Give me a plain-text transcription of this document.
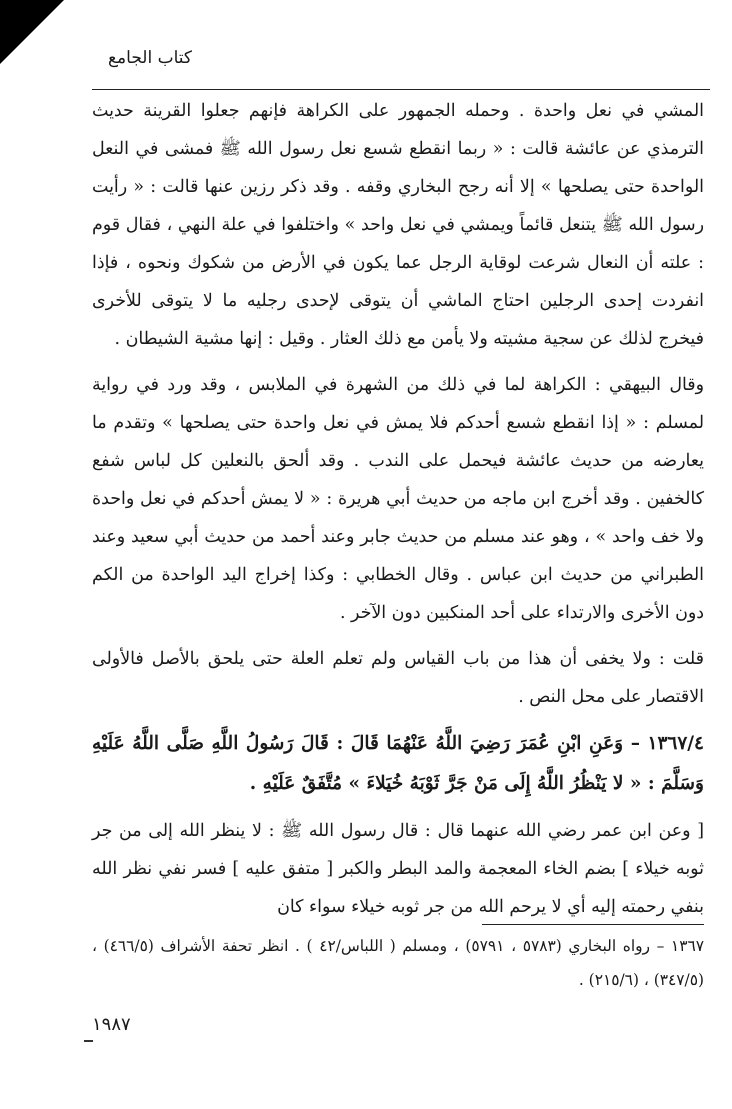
كتاب الجامع

المشي في نعل واحدة . وحمله الجمهور على الكراهة فإنهم جعلوا القرينة حديث الترمذي عن عائشة قالت : « ربما انقطع شسع نعل رسول الله ﷺ فمشى في النعل الواحدة حتى يصلحها » إلا أنه رجح البخاري وقفه . وقد ذكر رزين عنها قالت : « رأيت رسول الله ﷺ يتنعل قائماً ويمشي في نعل واحد » واختلفوا في علة النهي ، فقال قوم : علته أن النعال شرعت لوقاية الرجل عما يكون في الأرض من شكوك ونحوه ، فإذا انفردت إحدى الرجلين احتاج الماشي أن يتوقى لإحدى رجليه ما لا يتوقى للأخرى فيخرج لذلك عن سجية مشيته ولا يأمن مع ذلك العثار . وقيل : إنها مشية الشيطان .

وقال البيهقي : الكراهة لما في ذلك من الشهرة في الملابس ، وقد ورد في رواية لمسلم : « إذا انقطع شسع أحدكم فلا يمش في نعل واحدة حتى يصلحها » وتقدم ما يعارضه من حديث عائشة فيحمل على الندب . وقد ألحق بالنعلين كل لباس شفع كالخفين . وقد أخرج ابن ماجه من حديث أبي هريرة : « لا يمش أحدكم في نعل واحدة ولا خف واحد » ، وهو عند مسلم من حديث جابر وعند أحمد من حديث أبي سعيد وعند الطبراني من حديث ابن عباس . وقال الخطابي : وكذا إخراج اليد الواحدة من الكم دون الأخرى والارتداء على أحد المنكبين دون الآخر .

قلت : ولا يخفى أن هذا من باب القياس ولم تعلم العلة حتى يلحق بالأصل فالأولى الاقتصار على محل النص .

١٣٦٧/٤ – وَعَنِ ابْنِ عُمَرَ رَضِيَ اللَّهُ عَنْهُمَا قَالَ : قَالَ رَسُولُ اللَّهِ صَلَّى اللَّهُ عَلَيْهِ وَسَلَّمَ : « لا يَنْظُرُ اللَّهُ إِلَى مَنْ جَرَّ ثَوْبَهُ خُيَلاءَ » مُتَّفَقٌ عَلَيْهِ .

[ وعن ابن عمر رضي الله عنهما قال : قال رسول الله ﷺ : لا ينظر الله إلى من جر ثوبه خيلاء ] بضم الخاء المعجمة والمد البطر والكبر [ متفق عليه ] فسر نفي نظر الله بنفي رحمته إليه أي لا يرحم الله من جر ثوبه خيلاء سواء كان

١٣٦٧ – رواه البخاري (٥٧٨٣ ، ٥٧٩١) ، ومسلم ( اللباس/٤٢ ) . انظر تحفة الأشراف (٤٦٦/٥) ، (٣٤٧/٥) ، (٢١٥/٦) .

١٩٨٧
